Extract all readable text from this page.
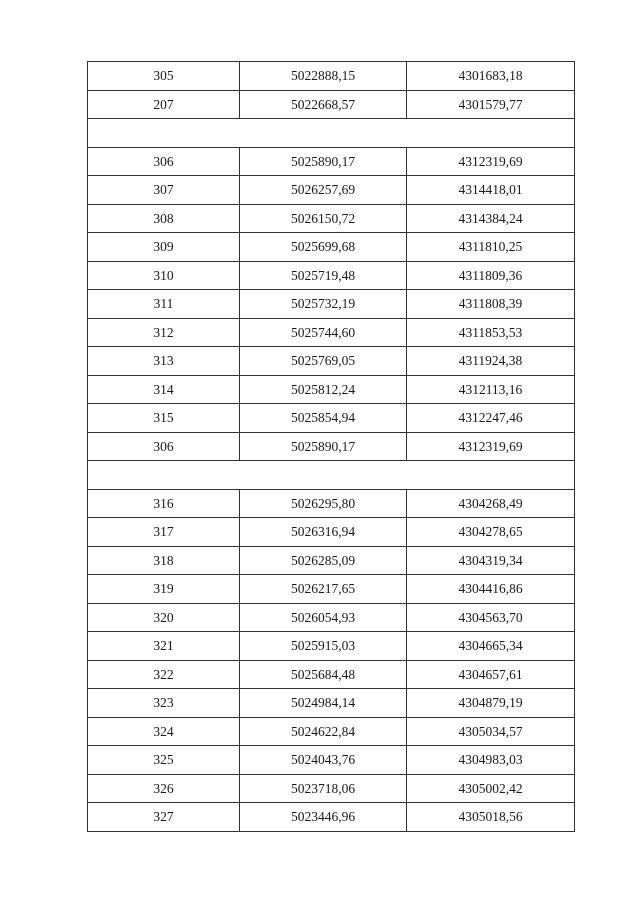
305	5022888,15	4301683,18
207	5022668,57	4301579,77

306	5025890,17	4312319,69
307	5026257,69	4314418,01
308	5026150,72	4314384,24
309	5025699,68	4311810,25
310	5025719,48	4311809,36
311	5025732,19	4311808,39
312	5025744,60	4311853,53
313	5025769,05	4311924,38
314	5025812,24	4312113,16
315	5025854,94	4312247,46
306	5025890,17	4312319,69

316	5026295,80	4304268,49
317	5026316,94	4304278,65
318	5026285,09	4304319,34
319	5026217,65	4304416,86
320	5026054,93	4304563,70
321	5025915,03	4304665,34
322	5025684,48	4304657,61
323	5024984,14	4304879,19
324	5024622,84	4305034,57
325	5024043,76	4304983,03
326	5023718,06	4305002,42
327	5023446,96	4305018,56
